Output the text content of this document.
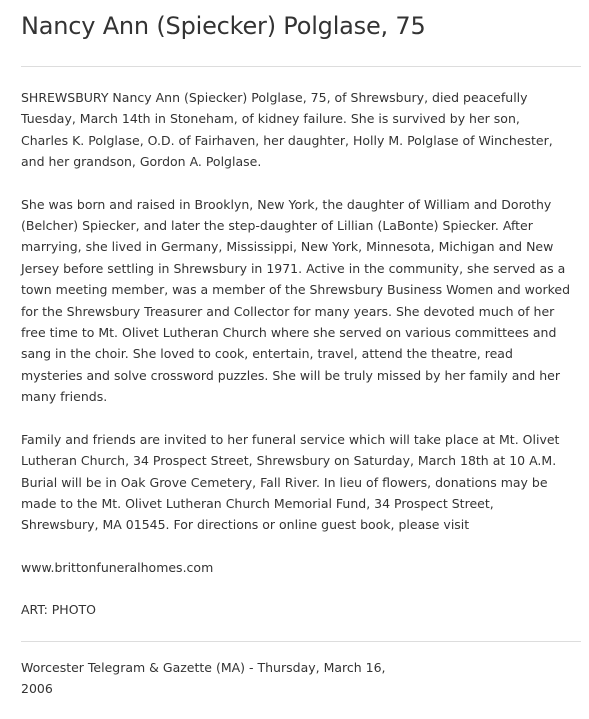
Nancy Ann (Spiecker) Polglase, 75

SHREWSBURY Nancy Ann (Spiecker) Polglase, 75, of Shrewsbury, died peacefully
Tuesday, March 14th in Stoneham, of kidney failure. She is survived by her son,
Charles K. Polglase, O.D. of Fairhaven, her daughter, Holly M. Polglase of Winchester,
and her grandson, Gordon A. Polglase.

She was born and raised in Brooklyn, New York, the daughter of William and Dorothy
(Belcher) Spiecker, and later the step-daughter of Lillian (LaBonte) Spiecker. After
marrying, she lived in Germany, Mississippi, New York, Minnesota, Michigan and New
Jersey before settling in Shrewsbury in 1971. Active in the community, she served as a
town meeting member, was a member of the Shrewsbury Business Women and worked
for the Shrewsbury Treasurer and Collector for many years. She devoted much of her
free time to Mt. Olivet Lutheran Church where she served on various committees and
sang in the choir. She loved to cook, entertain, travel, attend the theatre, read
mysteries and solve crossword puzzles. She will be truly missed by her family and her
many friends.

Family and friends are invited to her funeral service which will take place at Mt. Olivet
Lutheran Church, 34 Prospect Street, Shrewsbury on Saturday, March 18th at 10 A.M.
Burial will be in Oak Grove Cemetery, Fall River. In lieu of flowers, donations may be
made to the Mt. Olivet Lutheran Church Memorial Fund, 34 Prospect Street,
Shrewsbury, MA 01545. For directions or online guest book, please visit

www.brittonfuneralhomes.com

ART: PHOTO

Worcester Telegram & Gazette (MA) - Thursday, March 16,
2006
